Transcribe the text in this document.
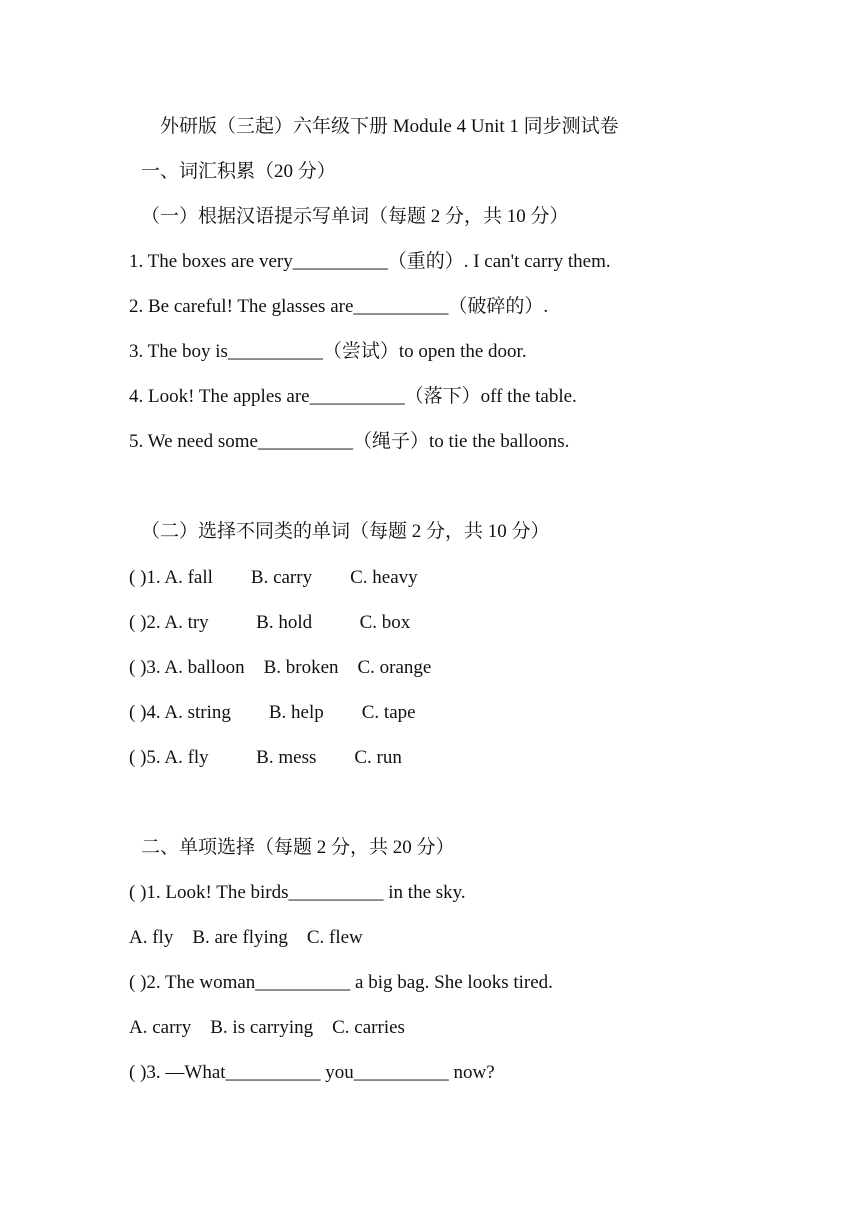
外研版（三起）六年级下册 Module 4 Unit 1 同步测试卷
一、词汇积累（20 分）
（一）根据汉语提示写单词（每题 2 分，共 10 分）
1. The boxes are very__________（重的）. I can't carry them.
2. Be careful! The glasses are__________（破碎的）.
3. The boy is__________（尝试）to open the door.
4. Look! The apples are__________（落下）off the table.
5. We need some__________（绳子）to tie the balloons.
（二）选择不同类的单词（每题 2 分，共 10 分）
( )1. A. fall        B. carry        C. heavy
( )2. A. try          B. hold          C. box
( )3. A. balloon    B. broken    C. orange
( )4. A. string        B. help        C. tape
( )5. A. fly          B. mess        C. run
二、单项选择（每题 2 分，共 20 分）
( )1. Look! The birds__________ in the sky.
A. fly    B. are flying    C. flew
( )2. The woman__________ a big bag. She looks tired.
A. carry    B. is carrying    C. carries
( )3. —What__________ you__________ now?
